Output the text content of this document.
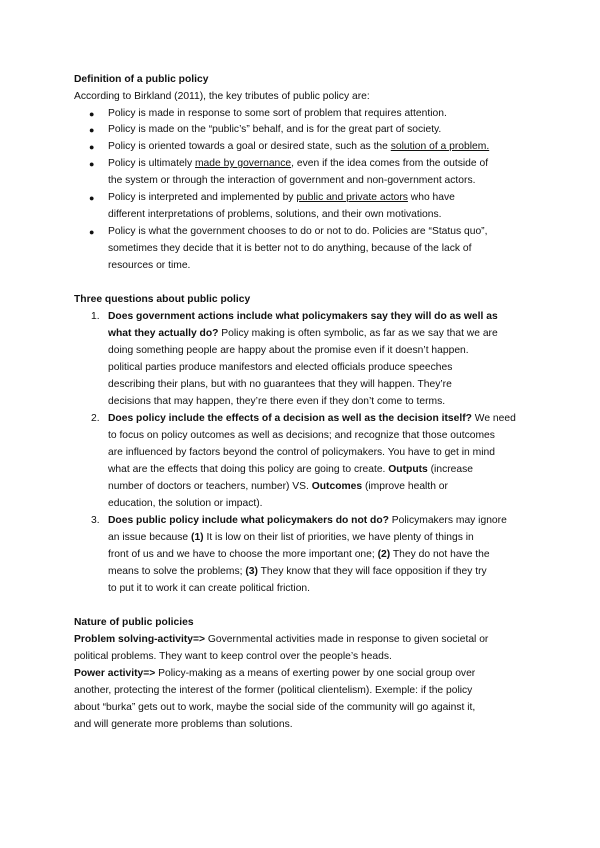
Definition of a public policy
According to Birkland (2011), the key tributes of public policy are:
● Policy is made in response to some sort of problem that requires attention.
● Policy is made on the “public’s” behalf, and is for the great part of society.
● Policy is oriented towards a goal or desired state, such as the solution of a problem.
● Policy is ultimately made by governance, even if the idea comes from the outside of
the system or through the interaction of government and non-government actors.
● Policy is interpreted and implemented by public and private actors who have
different interpretations of problems, solutions, and their own motivations.
● Policy is what the government chooses to do or not to do. Policies are “Status quo”,
sometimes they decide that it is better not to do anything, because of the lack of
resources or time.
Three questions about public policy
1. Does government actions include what policymakers say they will do as well as
what they actually do? Policy making is often symbolic, as far as we say that we are
doing something people are happy about the promise even if it doesn’t happen.
political parties produce manifestors and elected officials produce speeches
describing their plans, but with no guarantees that they will happen. They’re
decisions that may happen, they’re there even if they don’t come to terms.
2. Does policy include the effects of a decision as well as the decision itself? We need
to focus on policy outcomes as well as decisions; and recognize that those outcomes
are influenced by factors beyond the control of policymakers. You have to get in mind
what are the effects that doing this policy are going to create. Outputs (increase
number of doctors or teachers, number) VS. Outcomes (improve health or
education, the solution or impact).
3. Does public policy include what policymakers do not do? Policymakers may ignore
an issue because (1) It is low on their list of priorities, we have plenty of things in
front of us and we have to choose the more important one; (2) They do not have the
means to solve the problems; (3) They know that they will face opposition if they try
to put it to work it can create political friction.
Nature of public policies
Problem solving-activity=> Governmental activities made in response to given societal or
political problems. They want to keep control over the people’s heads.
Power activity=> Policy-making as a means of exerting power by one social group over
another, protecting the interest of the former (political clientelism). Exemple: if the policy
about “burka” gets out to work, maybe the social side of the community will go against it,
and will generate more problems than solutions.
